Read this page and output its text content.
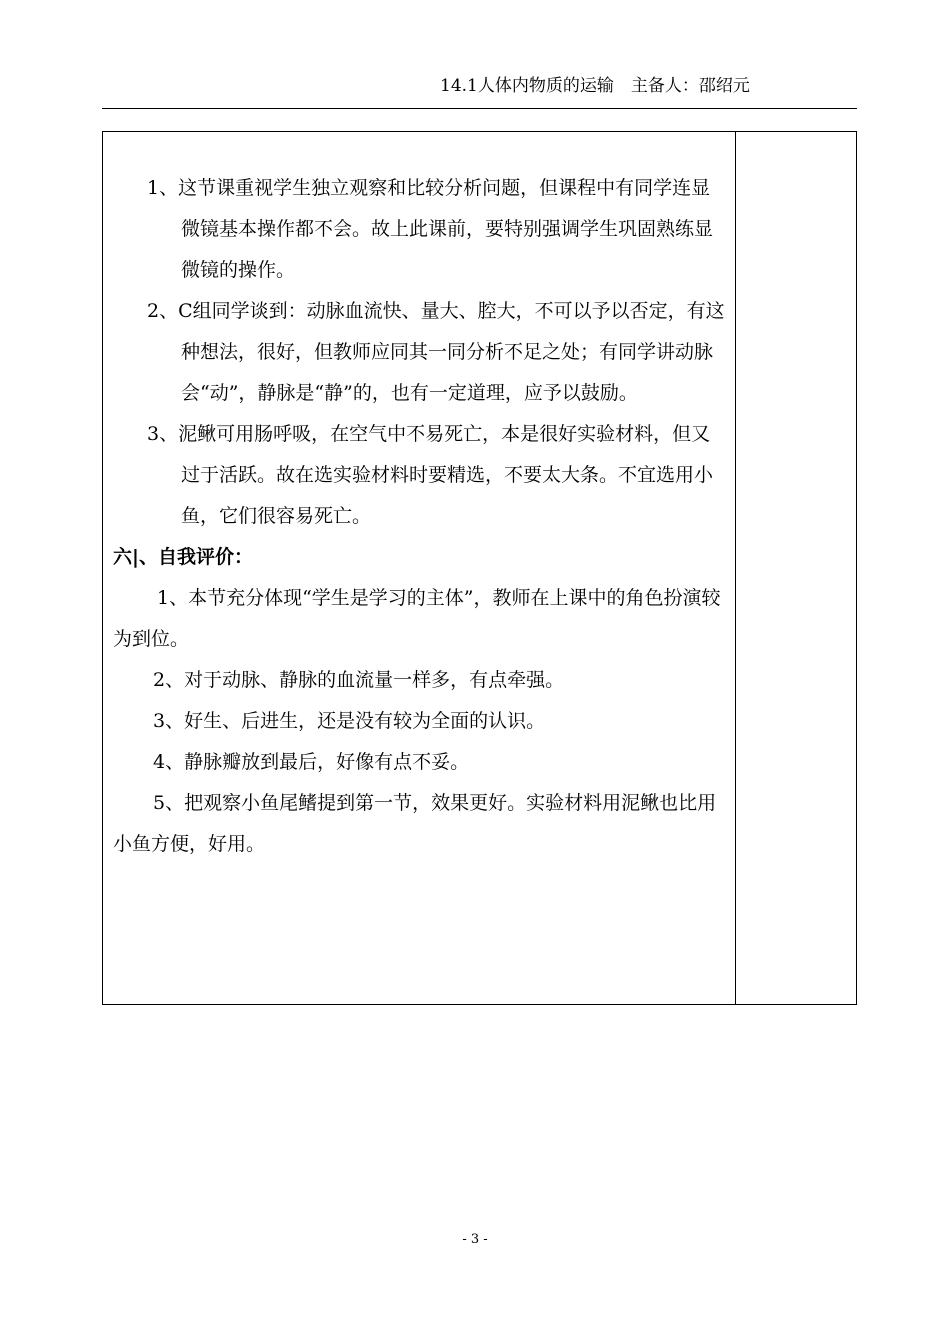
14.1人体内物质的运输　主备人：邵绍元

1、这节课重视学生独立观察和比较分析问题，但课程中有同学连显微镜基本操作都不会。故上此课前，要特别强调学生巩固熟练显微镜的操作。

2、C组同学谈到：动脉血流快、量大、腔大，不可以予以否定，有这种想法，很好，但教师应同其一同分析不足之处；有同学讲动脉会“动”，静脉是“静”的，也有一定道理，应予以鼓励。

3、泥鳅可用肠呼吸，在空气中不易死亡，本是很好实验材料，但又过于活跃。故在选实验材料时要精选，不要太大条。不宜选用小鱼，它们很容易死亡。

六|、自我评价：

1、本节充分体现“学生是学习的主体”，教师在上课中的角色扮演较为到位。

2、对于动脉、静脉的血流量一样多，有点牵强。

3、好生、后进生，还是没有较为全面的认识。

4、静脉瓣放到最后，好像有点不妥。

5、把观察小鱼尾鳍提到第一节，效果更好。实验材料用泥鳅也比用小鱼方便，好用。

- 3 -
